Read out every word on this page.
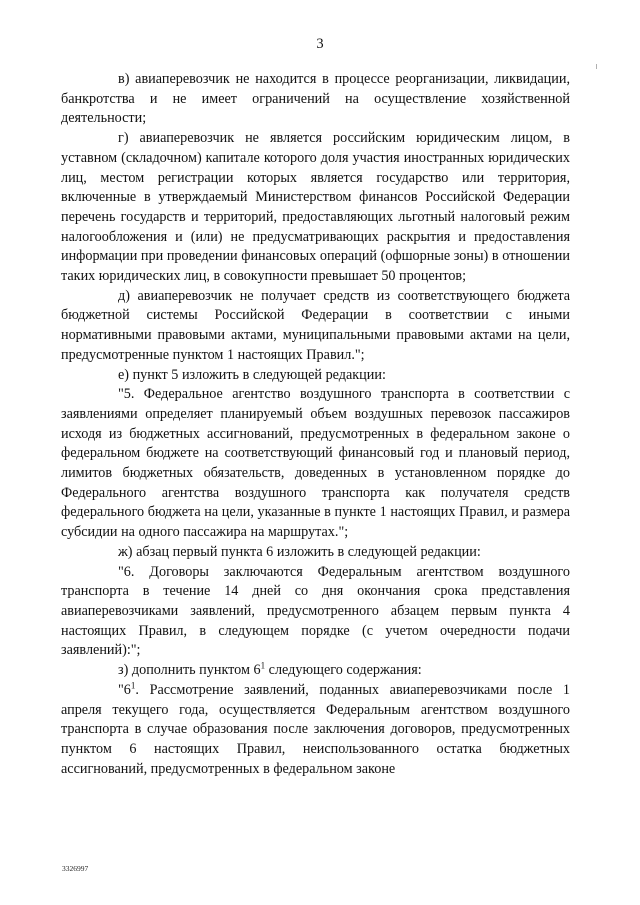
3

в) авиаперевозчик не находится в процессе реорганизации, ликвидации, банкротства и не имеет ограничений на осуществление хозяйственной деятельности;

г) авиаперевозчик не является российским юридическим лицом, в уставном (складочном) капитале которого доля участия иностранных юридических лиц, местом регистрации которых является государство или территория, включенные в утверждаемый Министерством финансов Российской Федерации перечень государств и территорий, предоставляющих льготный налоговый режим налогообложения и (или) не предусматривающих раскрытия и предоставления информации при проведении финансовых операций (офшорные зоны) в отношении таких юридических лиц, в совокупности превышает 50 процентов;

д) авиаперевозчик не получает средств из соответствующего бюджета бюджетной системы Российской Федерации в соответствии с иными нормативными правовыми актами, муниципальными правовыми актами на цели, предусмотренные пунктом 1 настоящих Правил.";

е) пункт 5 изложить в следующей редакции:

"5. Федеральное агентство воздушного транспорта в соответствии с заявлениями определяет планируемый объем воздушных перевозок пассажиров исходя из бюджетных ассигнований, предусмотренных в федеральном законе о федеральном бюджете на соответствующий финансовый год и плановый период, лимитов бюджетных обязательств, доведенных в установленном порядке до Федерального агентства воздушного транспорта как получателя средств федерального бюджета на цели, указанные в пункте 1 настоящих Правил, и размера субсидии на одного пассажира на маршрутах.";

ж) абзац первый пункта 6 изложить в следующей редакции:

"6. Договоры заключаются Федеральным агентством воздушного транспорта в течение 14 дней со дня окончания срока представления авиаперевозчиками заявлений, предусмотренного абзацем первым пункта 4 настоящих Правил, в следующем порядке (с учетом очередности подачи заявлений):";

з) дополнить пунктом $6^1$ следующего содержания:

"$6^1$. Рассмотрение заявлений, поданных авиаперевозчиками после 1 апреля текущего года, осуществляется Федеральным агентством воздушного транспорта в случае образования после заключения договоров, предусмотренных пунктом 6 настоящих Правил, неиспользованного остатка бюджетных ассигнований, предусмотренных в федеральном законе

3326997
